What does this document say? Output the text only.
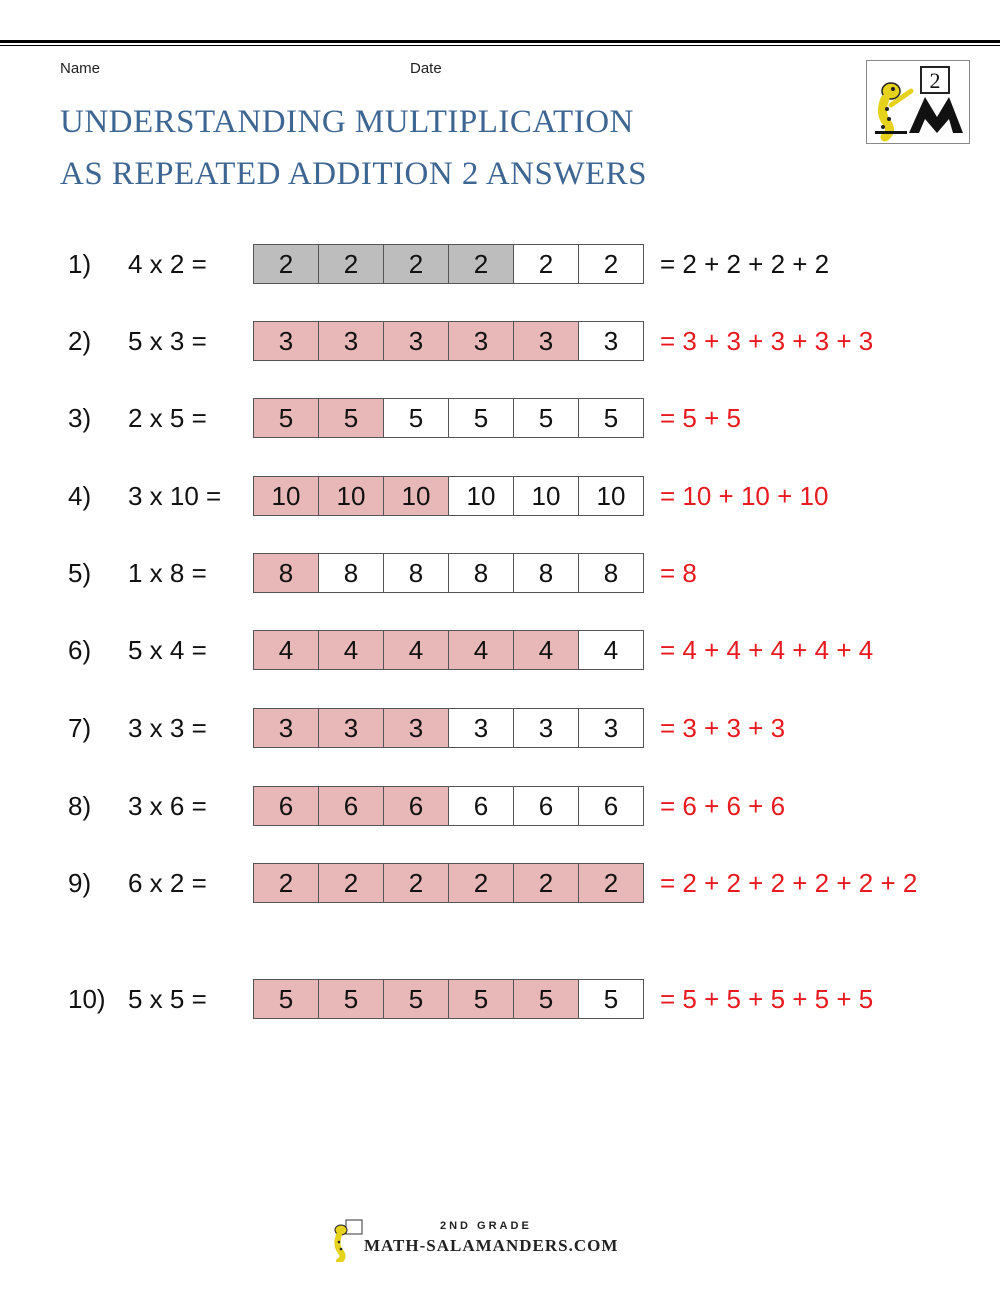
Name	Date
UNDERSTANDING MULTIPLICATION
AS REPEATED ADDITION 2 ANSWERS
2
1) 4 x 2 =	2	2	2	2	2	2	= 2 + 2 + 2 + 2
2) 5 x 3 =	3	3	3	3	3	3	= 3 + 3 + 3 + 3 + 3
3) 2 x 5 =	5	5	5	5	5	5	= 5 + 5
4) 3 x 10 =	10	10	10	10	10	10	= 10 + 10 + 10
5) 1 x 8 =	8	8	8	8	8	8	= 8
6) 5 x 4 =	4	4	4	4	4	4	= 4 + 4 + 4 + 4 + 4
7) 3 x 3 =	3	3	3	3	3	3	= 3 + 3 + 3
8) 3 x 6 =	6	6	6	6	6	6	= 6 + 6 + 6
9) 6 x 2 =	2	2	2	2	2	2	= 2 + 2 + 2 + 2 + 2 + 2
10) 5 x 5 =	5	5	5	5	5	5	= 5 + 5 + 5 + 5 + 5
2ND GRADE
MATH-SALAMANDERS.COM
